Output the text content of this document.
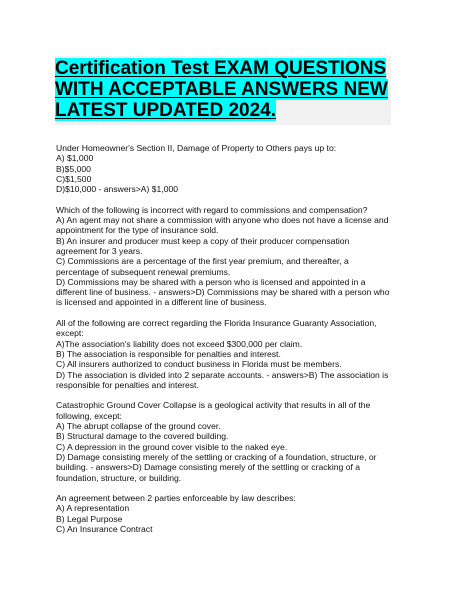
Certification Test EXAM QUESTIONS
WITH ACCEPTABLE ANSWERS NEW
LATEST UPDATED 2024.
Under Homeowner's Section II, Damage of Property to Others pays up to:
A) $1,000
B)$5,000
C)$1,500
D)$10,000 - answers>A) $1,000
Which of the following is incorrect with regard to commissions and compensation?
A) An agent may not share a commission with anyone who does not have a license and
appointment for the type of insurance sold.
B) An insurer and producer must keep a copy of their producer compensation
agreement for 3 years.
C) Commissions are a percentage of the first year premium, and thereafter, a
percentage of subsequent renewal premiums.
D) Commissions may be shared with a person who is licensed and appointed in a
different line of business. - answers>D) Commissions may be shared with a person who
is licensed and appointed in a different line of business.
All of the following are correct regarding the Florida Insurance Guaranty Association,
except:
A)The association's liability does not exceed $300,000 per claim.
B) The association is responsible for penalties and interest.
C) All insurers authorized to conduct business in Florida must be members.
D) The association is divided into 2 separate accounts. - answers>B) The association is
responsible for penalties and interest.
Catastrophic Ground Cover Collapse is a geological activity that results in all of the
following, except:
A) The abrupt collapse of the ground cover.
B) Structural damage to the covered building.
C) A depression in the ground cover visible to the naked eye.
D) Damage consisting merely of the settling or cracking of a foundation, structure, or
building. - answers>D) Damage consisting merely of the settling or cracking of a
foundation, structure, or building.
An agreement between 2 parties enforceable by law describes:
A) A representation
B) Legal Purpose
C) An Insurance Contract
